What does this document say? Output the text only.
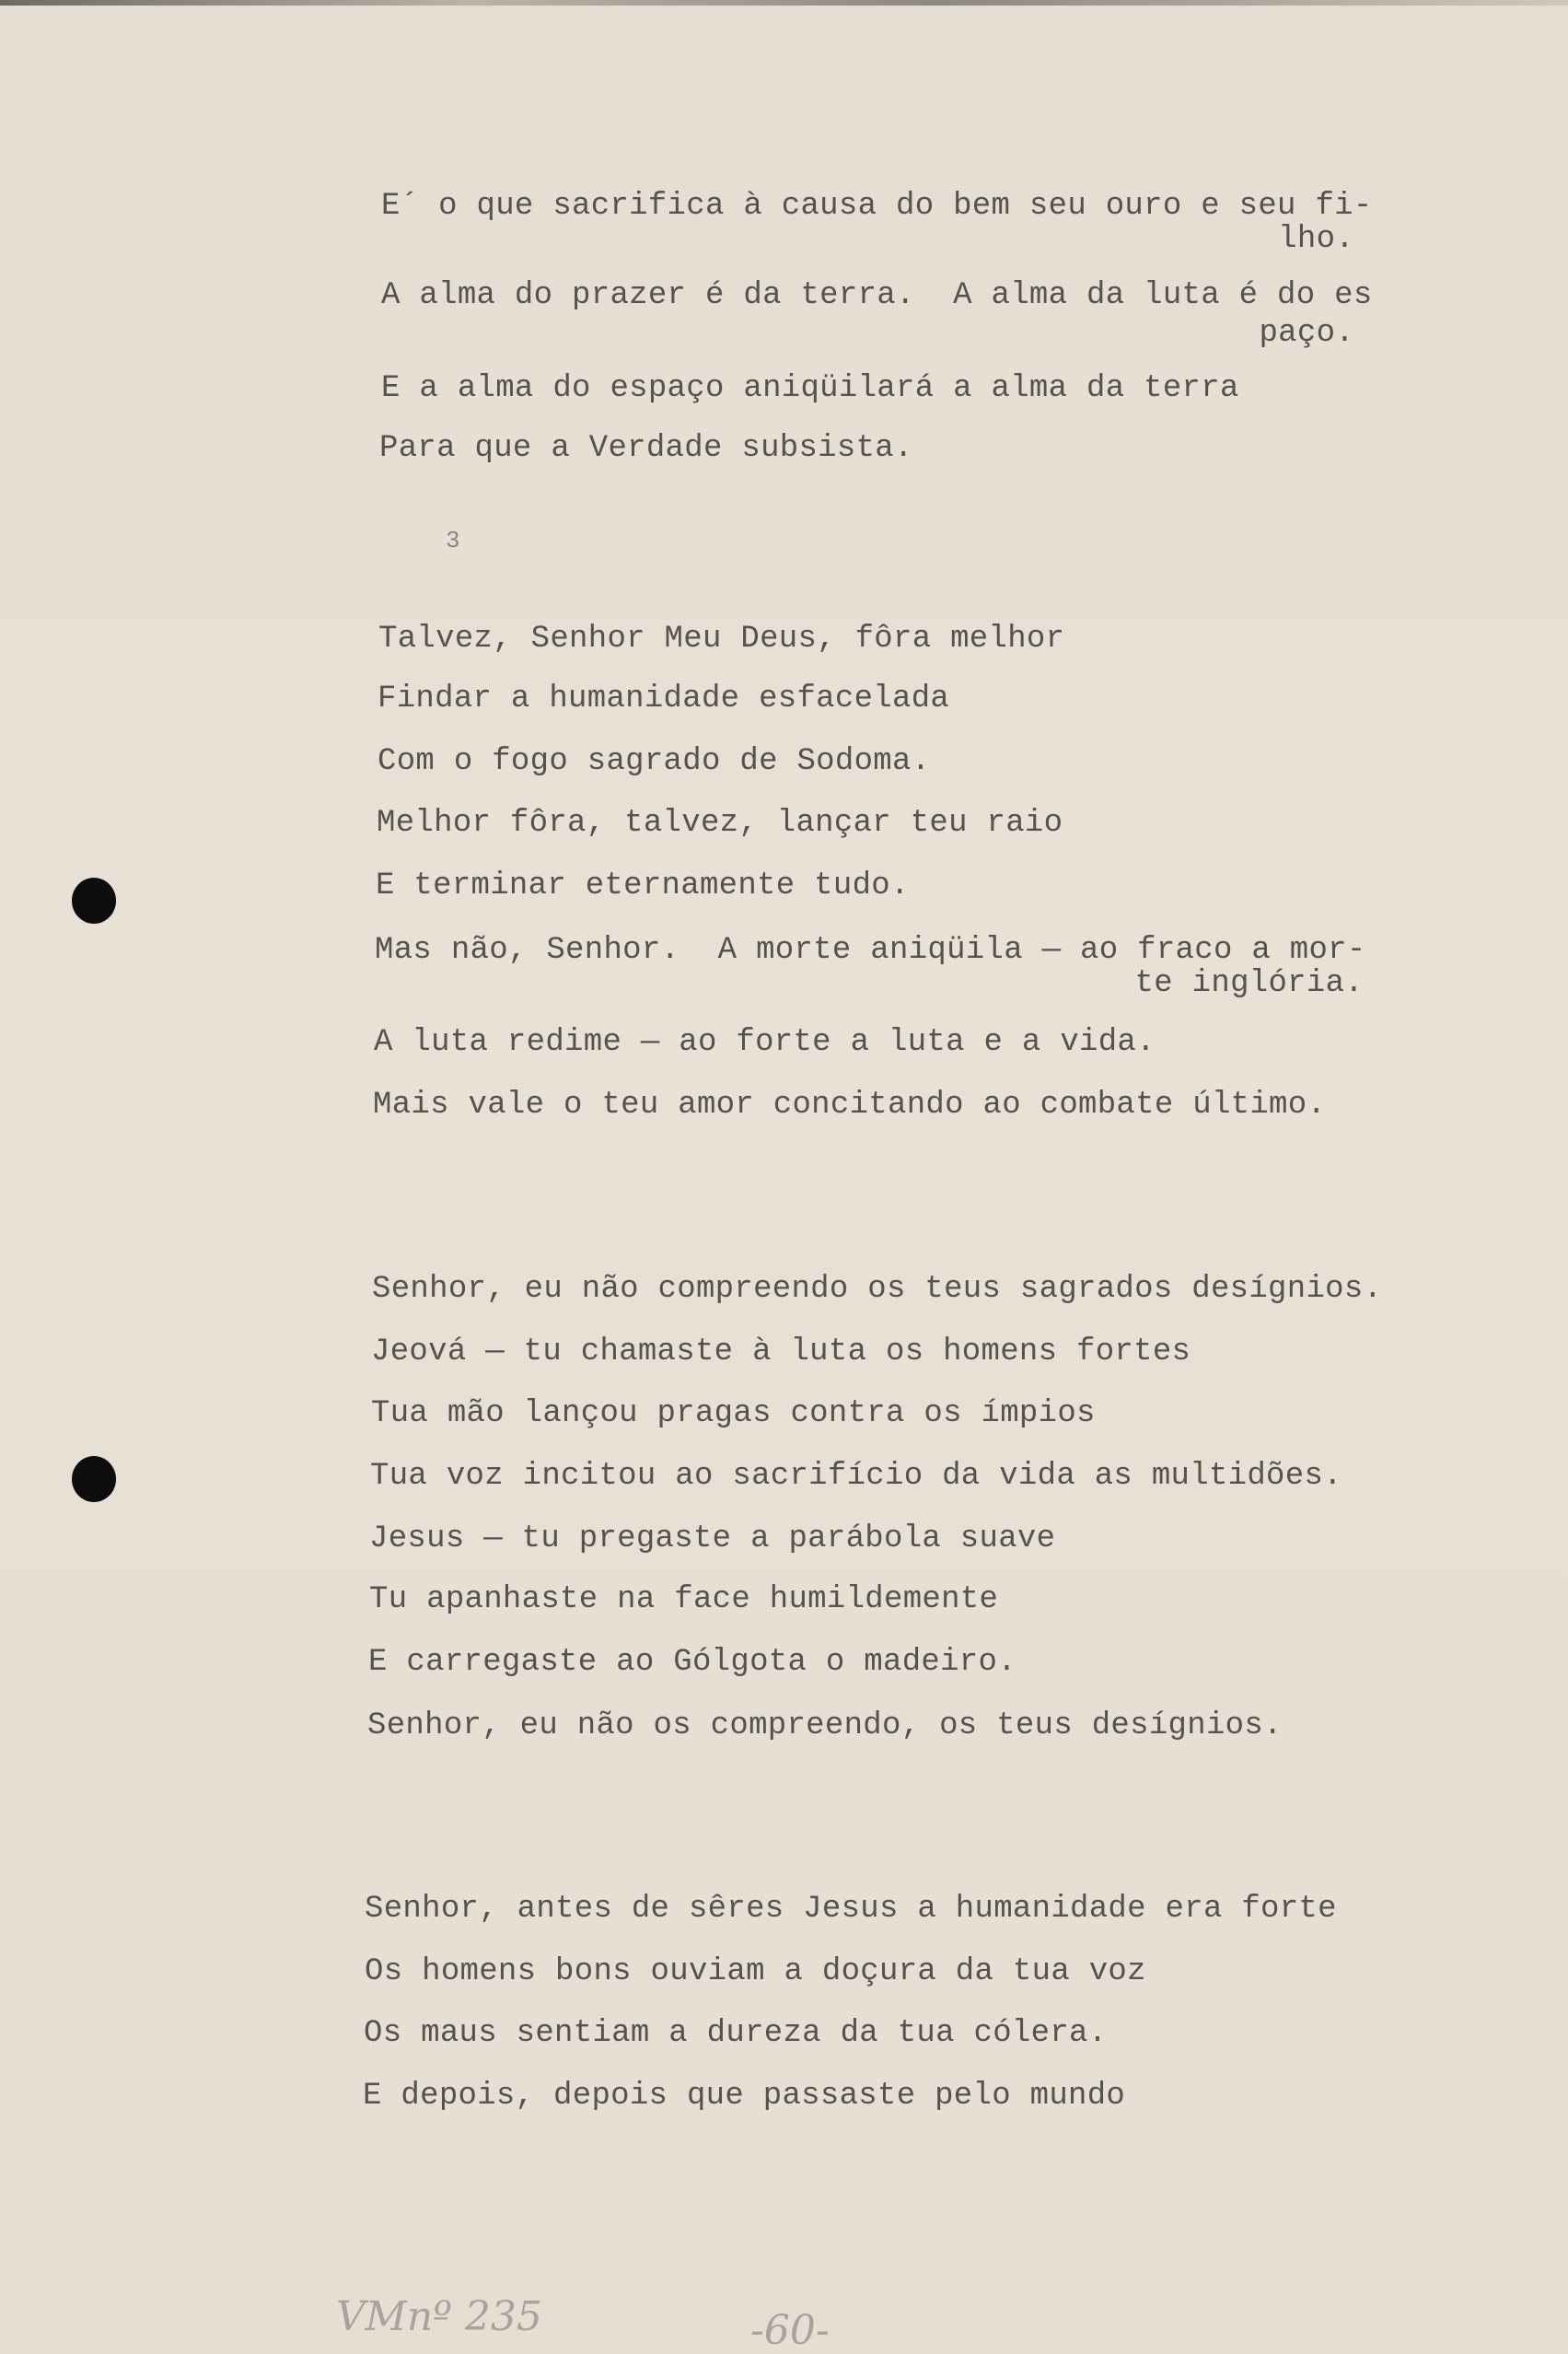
E´ o que sacrifica à causa do bem seu ouro e seu fi-
lho.
A alma do prazer é da terra.  A alma da luta é do es
paço.
E a alma do espaço aniqüilará a alma da terra
Para que a Verdade subsista.
3
Talvez, Senhor Meu Deus, fôra melhor
Findar a humanidade esfacelada
Com o fogo sagrado de Sodoma.
Melhor fôra, talvez, lançar teu raio
E terminar eternamente tudo.
Mas não, Senhor.  A morte aniqüila — ao fraco a mor-
te inglória.
A luta redime — ao forte a luta e a vida.
Mais vale o teu amor concitando ao combate último.
Senhor, eu não compreendo os teus sagrados desígnios.
Jeová — tu chamaste à luta os homens fortes
Tua mão lançou pragas contra os ímpios
Tua voz incitou ao sacrifício da vida as multidões.
Jesus — tu pregaste a parábola suave
Tu apanhaste na face humildemente
E carregaste ao Gólgota o madeiro.
Senhor, eu não os compreendo, os teus desígnios.
Senhor, antes de sêres Jesus a humanidade era forte
Os homens bons ouviam a doçura da tua voz
Os maus sentiam a dureza da tua cólera.
E depois, depois que passaste pelo mundo
VMnº 235	-60-
